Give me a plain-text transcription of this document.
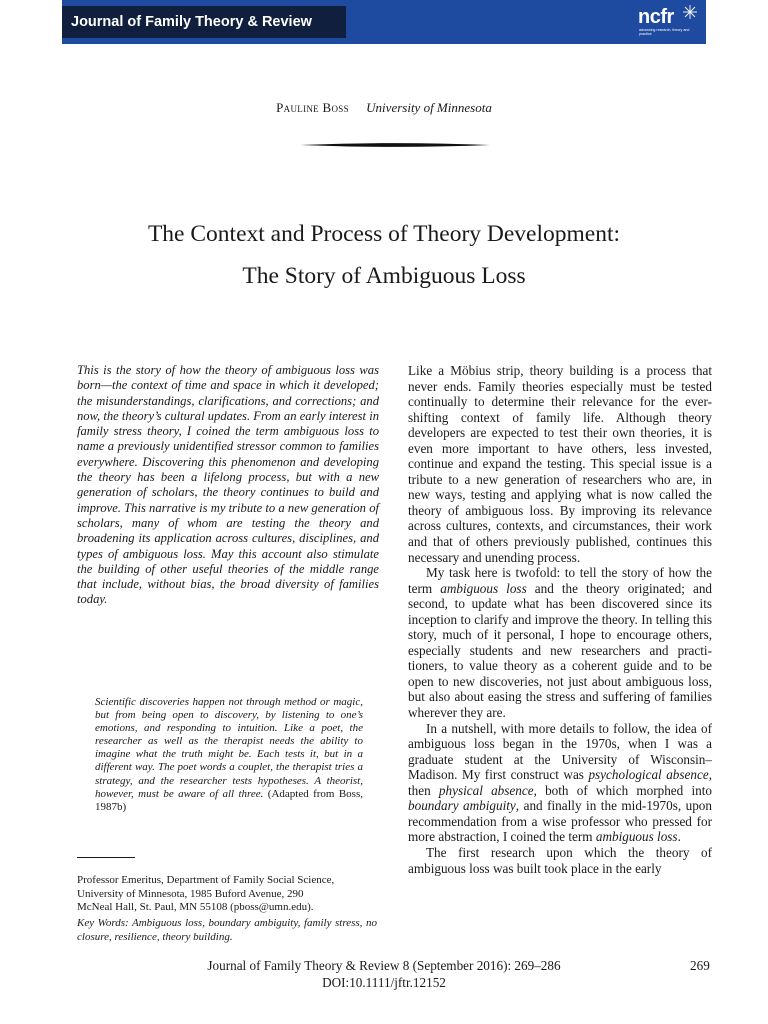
Journal of Family Theory & Review	ncfr
advancing research, theory and practice
Pauline Boss University of Minnesota
The Context and Process of Theory Development:
The Story of Ambiguous Loss
This is the story of how the theory of ambiguous loss was born—the context of time and space in which it developed; the misunderstandings, clarifications, and corrections; and now, the theory’s cultural updates. From an early interest in family stress theory, I coined the term ambiguous loss to name a previously unidentified stressor common to families everywhere. Discovering this phenomenon and developing the theory has been a lifelong process, but with a new generation of scholars, the theory continues to build and improve. This narrative is my tribute to a new generation of scholars, many of whom are testing the theory and broadening its application across cultures, disciplines, and types of ambiguous loss. May this account also stimulate the building of other useful theories of the middle range that include, without bias, the broad diversity of families today.
Scientific discoveries happen not through method or magic, but from being open to discovery, by listening to one’s emotions, and responding to intuition. Like a poet, the researcher as well as the therapist needs the ability to imagine what the truth might be. Each tests it, but in a different way. The poet words a couplet, the therapist tries a strategy, and the researcher tests hypotheses. A theorist, however, must be aware of all three. (Adapted from Boss, 1987b)
Professor Emeritus, Department of Family Social Science,
University of Minnesota, 1985 Buford Avenue, 290
McNeal Hall, St. Paul, MN 55108 (pboss@umn.edu).
Key Words: Ambiguous loss, boundary ambiguity, family stress, no closure, resilience, theory building.

Like a Möbius strip, theory building is a process that never ends. Family theories especially must be tested continually to determine their relevance for the ever-shifting context of family life. Although theory developers are expected to test their own theories, it is even more important to have others, less invested, continue and expand the testing. This special issue is a tribute to a new generation of researchers who are, in new ways, testing and applying what is now called the theory of ambiguous loss. By improving its relevance across cultures, contexts, and circumstances, their work and that of others previously published, continues this necessary and unending process.

My task here is twofold: to tell the story of how the term ambiguous loss and the theory originated; and second, to update what has been discovered since its inception to clarify and improve the theory. In telling this story, much of it personal, I hope to encourage others, especially students and new researchers and practitioners, to value theory as a coherent guide and to be open to new discoveries, not just about ambiguous loss, but also about easing the stress and suffering of families wherever they are.

In a nutshell, with more details to follow, the idea of ambiguous loss began in the 1970s, when I was a graduate student at the University of Wisconsin–Madison. My first construct was psychological absence, then physical absence, both of which morphed into boundary ambiguity, and finally in the mid-1970s, upon recommendation from a wise professor who pressed for more abstraction, I coined the term ambiguous loss.

The first research upon which the theory of ambiguous loss was built took place in the early

Journal of Family Theory & Review 8 (September 2016): 269–286
DOI:10.1111/jftr.12152
269
